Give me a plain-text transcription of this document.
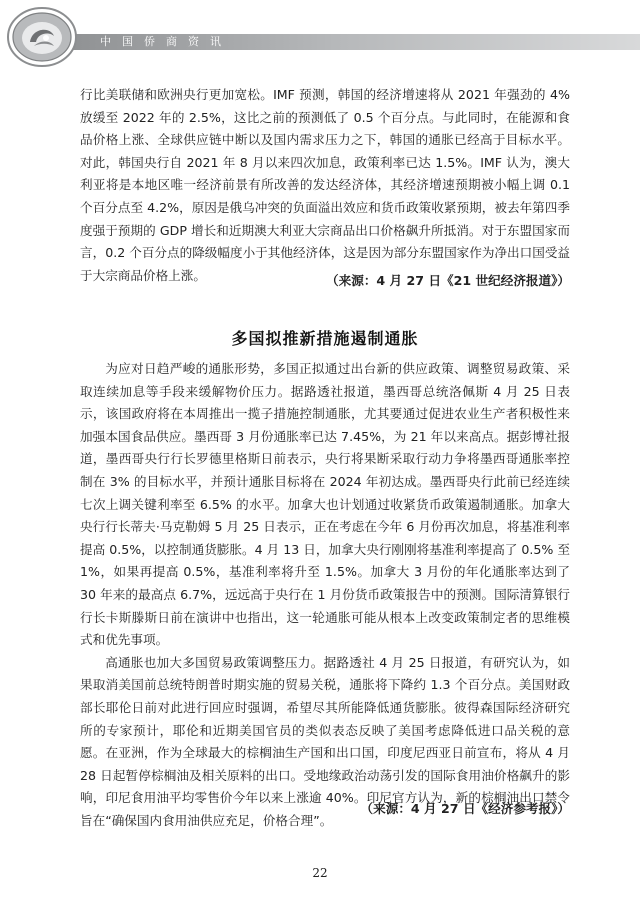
中国侨商资讯

行比美联储和欧洲央行更加宽松。IMF 预测，韩国的经济增速将从 2021 年强劲的 4% 放缓至 2022 年的 2.5%，这比之前的预测低了 0.5 个百分点。与此同时，在能源和食品价格上涨、全球供应链中断以及国内需求压力之下，韩国的通胀已经高于目标水平。对此，韩国央行自 2021 年 8 月以来四次加息，政策利率已达 1.5%。IMF 认为，澳大利亚将是本地区唯一经济前景有所改善的发达经济体，其经济增速预期被小幅上调 0.1 个百分点至 4.2%，原因是俄乌冲突的负面溢出效应和货币政策收紧预期，被去年第四季度强于预期的 GDP 增长和近期澳大利亚大宗商品出口价格飙升所抵消。对于东盟国家而言，0.2 个百分点的降级幅度小于其他经济体，这是因为部分东盟国家作为净出口国受益于大宗商品价格上涨。	（来源：4 月 27 日《21 世纪经济报道》）
多国拟推新措施遏制通胀

为应对日趋严峻的通胀形势，多国正拟通过出台新的供应政策、调整贸易政策、采取连续加息等手段来缓解物价压力。据路透社报道，墨西哥总统洛佩斯 4 月 25 日表示，该国政府将在本周推出一揽子措施控制通胀，尤其要通过促进农业生产者积极性来加强本国食品供应。墨西哥 3 月份通胀率已达 7.45%，为 21 年以来高点。据彭博社报道，墨西哥央行行长罗德里格斯日前表示，央行将果断采取行动力争将墨西哥通胀率控制在 3% 的目标水平，并预计通胀目标将在 2024 年初达成。墨西哥央行此前已经连续七次上调关键利率至 6.5% 的水平。加拿大也计划通过收紧货币政策遏制通胀。加拿大央行行长蒂夫·马克勒姆 5 月 25 日表示，正在考虑在今年 6 月份再次加息，将基准利率提高 0.5%，以控制通货膨胀。4 月 13 日，加拿大央行刚刚将基准利率提高了 0.5% 至 1%，如果再提高 0.5%，基准利率将升至 1.5%。加拿大 3 月份的年化通胀率达到了 30 年来的最高点 6.7%，远远高于央行在 1 月份货币政策报告中的预测。国际清算银行行长卡斯滕斯日前在演讲中也指出，这一轮通胀可能从根本上改变政策制定者的思维模式和优先事项。

高通胀也加大多国贸易政策调整压力。据路透社 4 月 25 日报道，有研究认为，如果取消美国前总统特朗普时期实施的贸易关税，通胀将下降约 1.3 个百分点。美国财政部长耶伦日前对此进行回应时强调，希望尽其所能降低通货膨胀。彼得森国际经济研究所的专家预计，耶伦和近期美国官员的类似表态反映了美国考虑降低进口品关税的意愿。在亚洲，作为全球最大的棕榈油生产国和出口国，印度尼西亚日前宣布，将从 4 月 28 日起暂停棕榈油及相关原料的出口。受地缘政治动荡引发的国际食用油价格飙升的影响，印尼食用油平均零售价今年以来上涨逾 40%。印尼官方认为，新的棕榈油出口禁令旨在“确保国内食用油供应充足，价格合理”。

（来源：4 月 27 日《经济参考报》）
22
